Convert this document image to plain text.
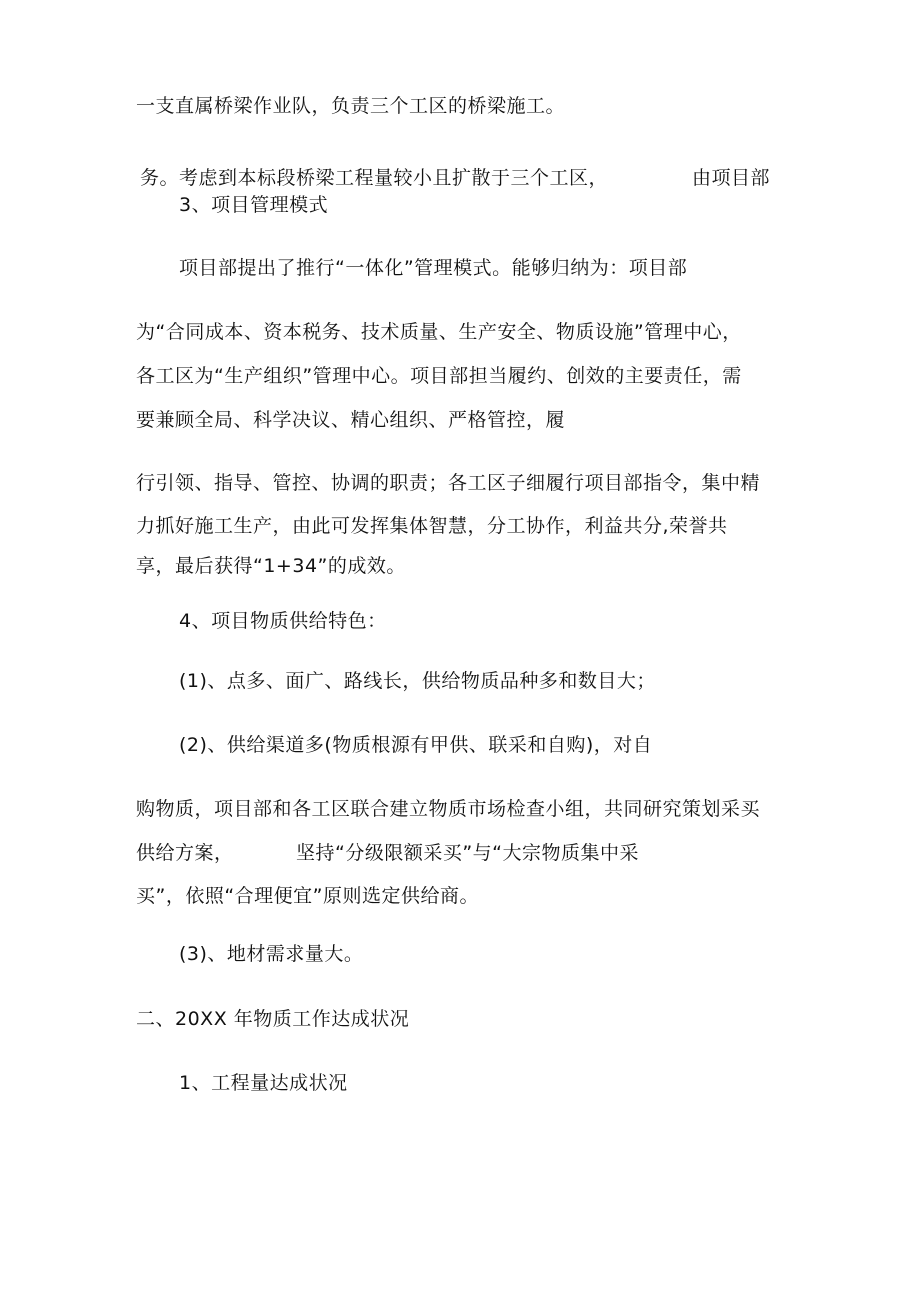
一支直属桥梁作业队，负责三个工区的桥梁施工。
务。考虑到本标段桥梁工程量较小且扩散于三个工区，	由项目部
3、项目管理模式
项目部提出了推行“一体化”管理模式。能够归纳为：项目部
为“合同成本、资本税务、技术质量、生产安全、物质设施”管理中心，
各工区为“生产组织”管理中心。项目部担当履约、创效的主要责任，需
要兼顾全局、科学决议、精心组织、严格管控，履
行引领、指导、管控、协调的职责；各工区子细履行项目部指令，集中精
力抓好施工生产，由此可发挥集体智慧，分工协作，利益共分,荣誉共
享，最后获得“1+34”的成效。
4、项目物质供给特色：
(1)、点多、面广、路线长，供给物质品种多和数目大；
(2)、供给渠道多(物质根源有甲供、联采和自购)，对自
购物质，项目部和各工区联合建立物质市场检查小组，共同研究策划采买
供给方案，	坚持“分级限额采买”与“大宗物质集中采
买”，依照“合理便宜”原则选定供给商。
(3)、地材需求量大。
二、20XX 年物质工作达成状况
1、工程量达成状况
